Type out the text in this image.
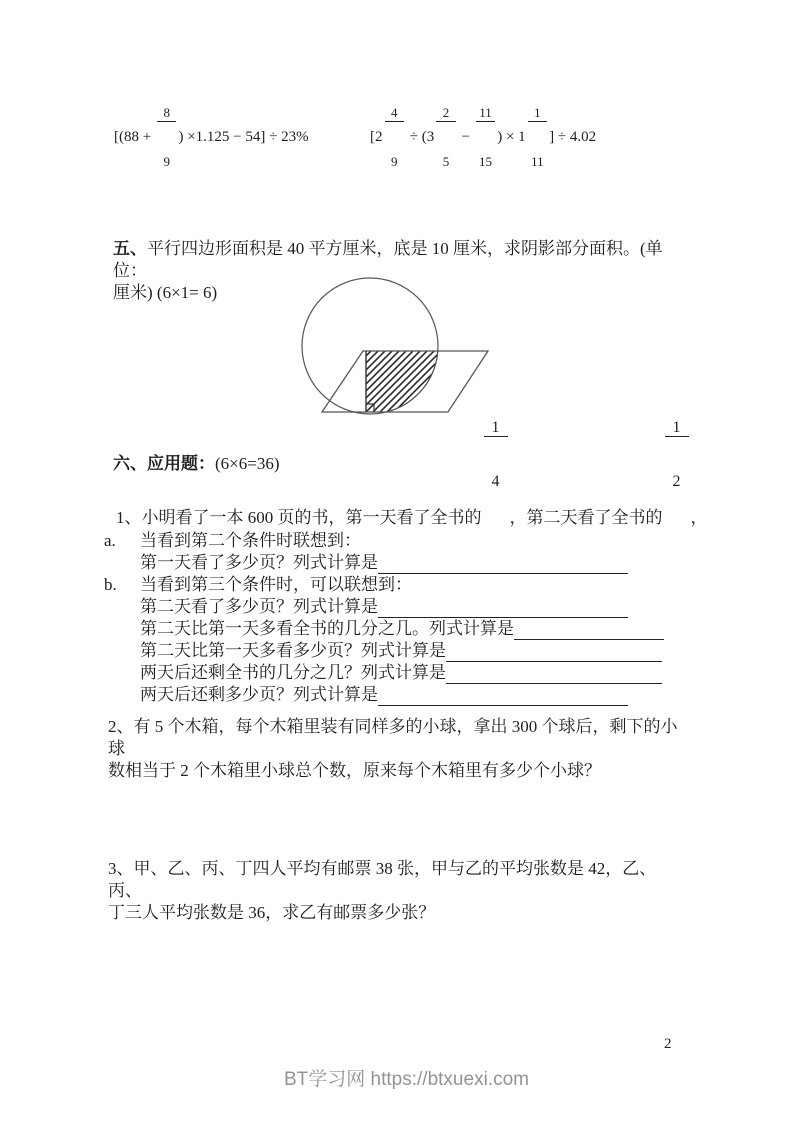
[(88 +

$\frac{8}{9}$

) ×1.125 − 54] ÷ 23%	[2

$\frac{4}{9}$

÷ (3

$\frac{2}{5}$

−

$\frac{11}{15}$

) × 1

$\frac{1}{11}$

] ÷ 4.02
五、平行四边形面积是 40 平方厘米，底是 10 厘米，求阴影部分面积。(单位：
厘米) (6×1= 6)
六、应用题：(6×6=36)
1、小明看了一本 600 页的书，第一天看了全书的

$\frac{1}{4}$

，第二天看了全书的

$\frac{1}{2}$

，
a. 当看到第二个条件时联想到：
第一天看了多少页？列式计算是
b. 当看到第三个条件时，可以联想到：
第二天看了多少页？列式计算是
第二天比第一天多看全书的几分之几。列式计算是
第二天比第一天多看多少页？列式计算是
两天后还剩全书的几分之几？列式计算是
两天后还剩多少页？列式计算是
2、有 5 个木箱，每个木箱里装有同样多的小球，拿出 300 个球后，剩下的小球
数相当于 2 个木箱里小球总个数，原来每个木箱里有多少个小球？
3、甲、乙、丙、丁四人平均有邮票 38 张，甲与乙的平均张数是 42，乙、丙、
丁三人平均张数是 36，求乙有邮票多少张？
2
BT学习网 https://btxuexi.com
